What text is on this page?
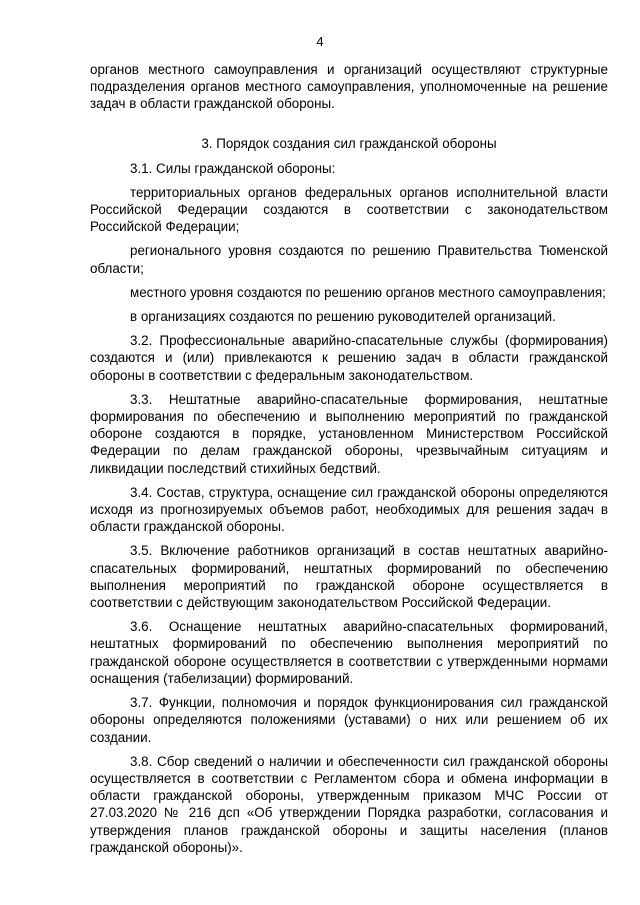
4

органов местного самоуправления и организаций осуществляют структурные подразделения органов местного самоуправления, уполномоченные на решение задач в области гражданской обороны.

3. Порядок создания сил гражданской обороны

3.1. Силы гражданской обороны:

территориальных органов федеральных органов исполнительной власти Российской Федерации создаются в соответствии с законодательством Российской Федерации;

регионального уровня создаются по решению Правительства Тюменской области;

местного уровня создаются по решению органов местного самоуправления;

в организациях создаются по решению руководителей организаций.

3.2. Профессиональные аварийно-спасательные службы (формирования) создаются и (или) привлекаются к решению задач в области гражданской обороны в соответствии с федеральным законодательством.

3.3. Нештатные аварийно-спасательные формирования, нештатные формирования по обеспечению и выполнению мероприятий по гражданской обороне создаются в порядке, установленном Министерством Российской Федерации по делам гражданской обороны, чрезвычайным ситуациям и ликвидации последствий стихийных бедствий.

3.4. Состав, структура, оснащение сил гражданской обороны определяются исходя из прогнозируемых объемов работ, необходимых для решения задач в области гражданской обороны.

3.5. Включение работников организаций в состав нештатных аварийно-спасательных формирований, нештатных формирований по обеспечению выполнения мероприятий по гражданской обороне осуществляется в соответствии с действующим законодательством Российской Федерации.

3.6. Оснащение нештатных аварийно-спасательных формирований, нештатных формирований по обеспечению выполнения мероприятий по гражданской обороне осуществляется в соответствии с утвержденными нормами оснащения (табелизации) формирований.

3.7. Функции, полномочия и порядок функционирования сил гражданской обороны определяются положениями (уставами) о них или решением об их создании.

3.8. Сбор сведений о наличии и обеспеченности сил гражданской обороны осуществляется в соответствии с Регламентом сбора и обмена информации в области гражданской обороны, утвержденным приказом МЧС России от 27.03.2020 № 216 дсп «Об утверждении Порядка разработки, согласования и утверждения планов гражданской обороны и защиты населения (планов гражданской обороны)».
